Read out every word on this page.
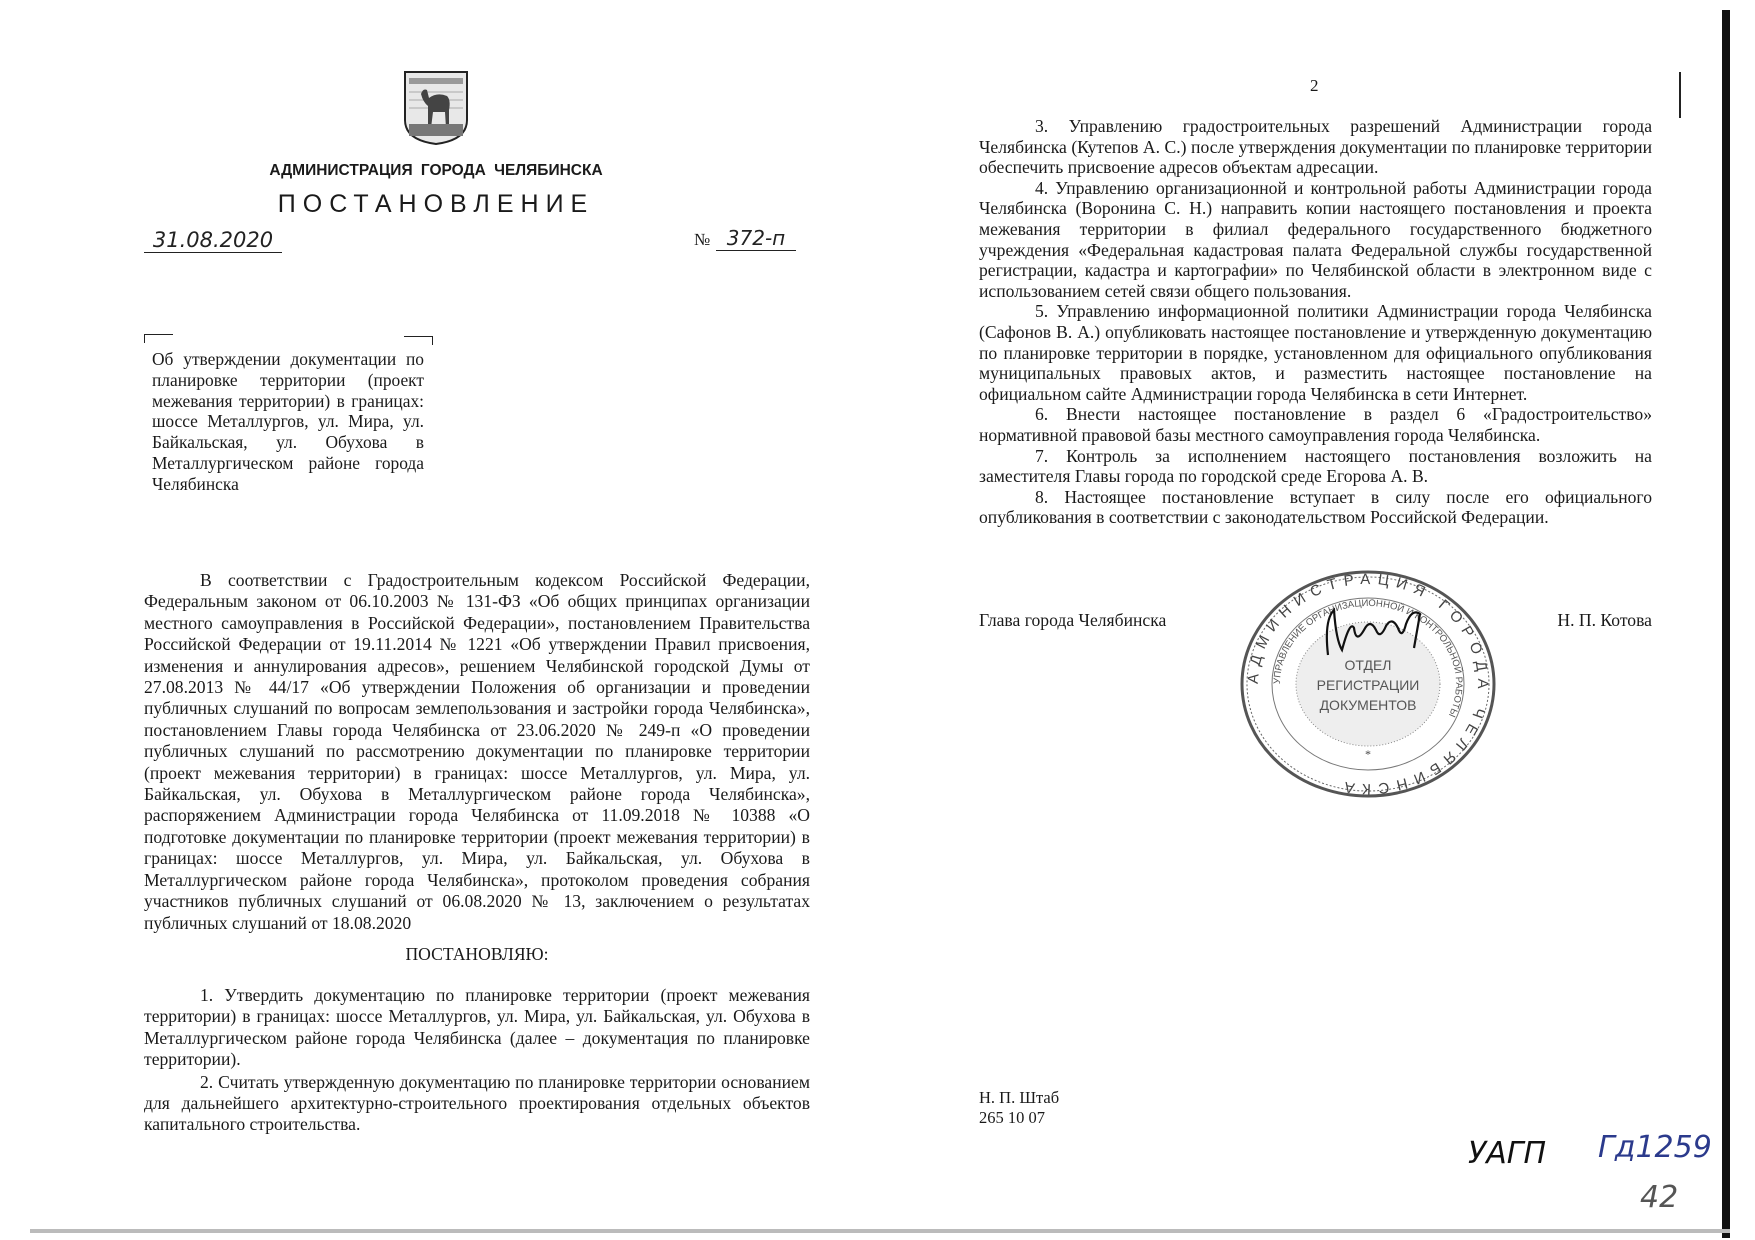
АДМИНИСТРАЦИЯ ГОРОДА ЧЕЛЯБИНСКА
ПОСТАНОВЛЕНИЕ
31.08.2020	№ 372-п

Об утверждении документации по планировке территории (проект межевания территории) в границах: шоссе Металлургов, ул. Мира, ул. Байкальская, ул. Обухова в Металлургическом районе города Челябинска

В соответствии с Градостроительным кодексом Российской Федерации, Федеральным законом от 06.10.2003 № 131-ФЗ «Об общих принципах организации местного самоуправления в Российской Федерации», постановлением Правительства Российской Федерации от 19.11.2014 № 1221 «Об утверждении Правил присвоения, изменения и аннулирования адресов», решением Челябинской городской Думы от 27.08.2013 № 44/17 «Об утверждении Положения об организации и проведении публичных слушаний по вопросам землепользования и застройки города Челябинска», постановлением Главы города Челябинска от 23.06.2020 № 249-п «О проведении публичных слушаний по рассмотрению документации по планировке территории (проект межевания территории) в границах: шоссе Металлургов, ул. Мира, ул. Байкальская, ул. Обухова в Металлургическом районе города Челябинска», распоряжением Администрации города Челябинска от 11.09.2018 № 10388 «О подготовке документации по планировке территории (проект межевания территории) в границах: шоссе Металлургов, ул. Мира, ул. Байкальская, ул. Обухова в Металлургическом районе города Челябинска», протоколом проведения собрания участников публичных слушаний от 06.08.2020 № 13, заключением о результатах публичных слушаний от 18.08.2020

ПОСТАНОВЛЯЮ:

1. Утвердить документацию по планировке территории (проект межевания территории) в границах: шоссе Металлургов, ул. Мира, ул. Байкальская, ул. Обухова в Металлургическом районе города Челябинска (далее – документация по планировке территории).

2. Считать утвержденную документацию по планировке территории основанием для дальнейшего архитектурно-строительного проектирования отдельных объектов капитального строительства.

2

3. Управлению градостроительных разрешений Администрации города Челябинска (Кутепов А. С.) после утверждения документации по планировке территории обеспечить присвоение адресов объектам адресации.

4. Управлению организационной и контрольной работы Администрации города Челябинска (Воронина С. Н.) направить копии настоящего постановления и проекта межевания территории в филиал федерального государственного бюджетного учреждения «Федеральная кадастровая палата Федеральной службы государственной регистрации, кадастра и картографии» по Челябинской области в электронном виде с использованием сетей связи общего пользования.

5. Управлению информационной политики Администрации города Челябинска (Сафонов В. А.) опубликовать настоящее постановление и утвержденную документацию по планировке территории в порядке, установленном для официального опубликования муниципальных правовых актов, и разместить настоящее постановление на официальном сайте Администрации города Челябинска в сети Интернет.

6. Внести настоящее постановление в раздел 6 «Градостроительство» нормативной правовой базы местного самоуправления города Челябинска.

7. Контроль за исполнением настоящего постановления возложить на заместителя Главы города по городской среде Егорова А. В.

8. Настоящее постановление вступает в силу после его официального опубликования в соответствии с законодательством Российской Федерации.

Глава города Челябинска	Н. П. Котова
АДМИНИСТРАЦИЯ ГОРОДА ЧЕЛЯБИНСКА
УПРАВЛЕНИЕ ОРГАНИЗАЦИОННОЙ И КОНТРОЛЬНОЙ РАБОТЫ
ОТДЕЛ
РЕГИСТРАЦИИ
ДОКУМЕНТОВ
*
Н. П. Штаб
265 10 07
УАГП Гд1259
42
